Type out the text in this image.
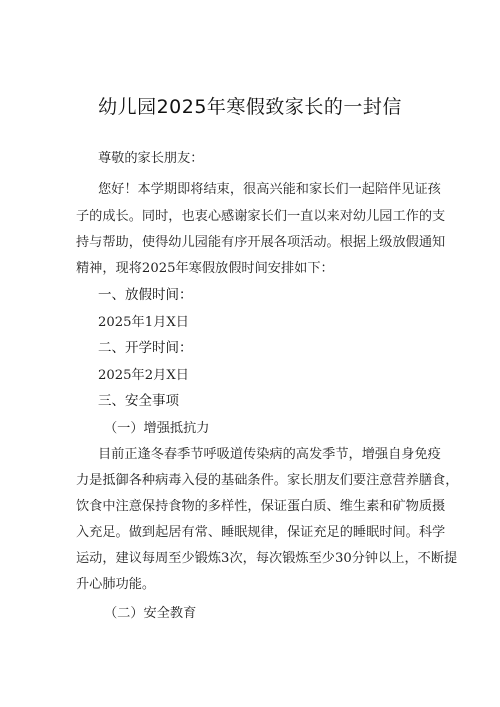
幼儿园2025年寒假致家长的一封信
尊敬的家长朋友：
您好！本学期即将结束，很高兴能和家长们一起陪伴见证孩
子的成长。同时，也衷心感谢家长们一直以来对幼儿园工作的支
持与帮助，使得幼儿园能有序开展各项活动。根据上级放假通知
精神，现将2025年寒假放假时间安排如下：
一、放假时间：
2025年1月X日
二、开学时间：
2025年2月X日
三、安全事项
（一）增强抵抗力
目前正逢冬春季节呼吸道传染病的高发季节，增强自身免疫
力是抵御各种病毒入侵的基础条件。家长朋友们要注意营养膳食，
饮食中注意保持食物的多样性，保证蛋白质、维生素和矿物质摄
入充足。做到起居有常、睡眠规律，保证充足的睡眠时间。科学
运动，建议每周至少锻炼3次，每次锻炼至少30分钟以上，不断提
升心肺功能。
（二）安全教育
